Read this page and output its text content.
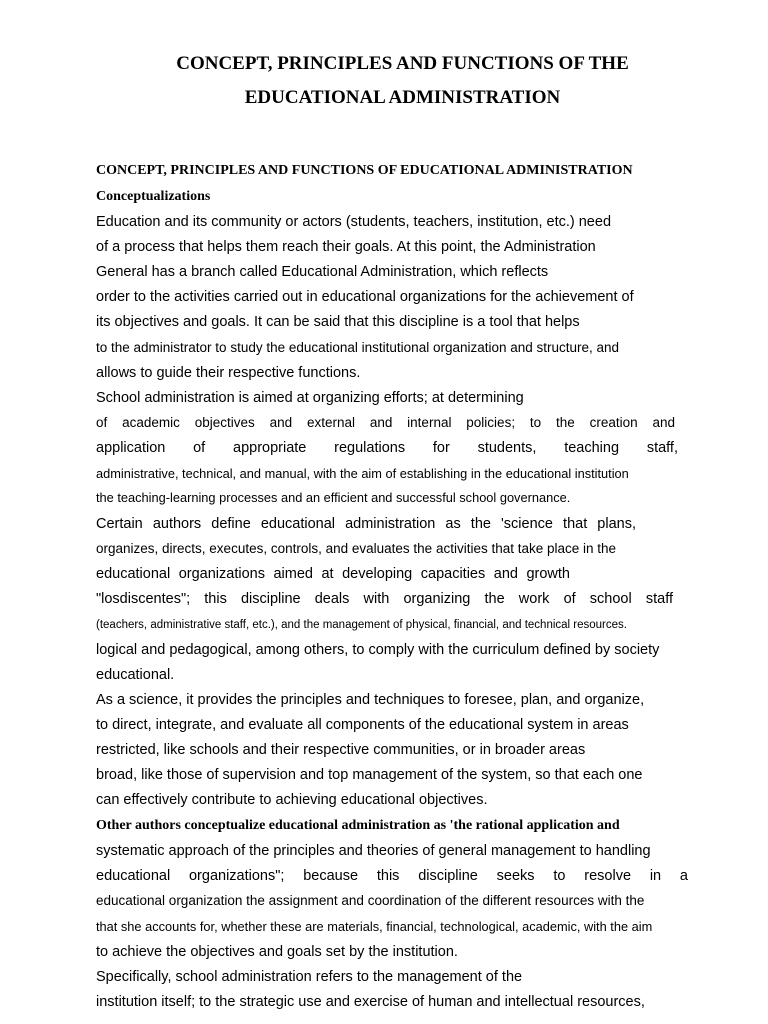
CONCEPT, PRINCIPLES AND FUNCTIONS OF THE
EDUCATIONAL ADMINISTRATION
CONCEPT, PRINCIPLES AND FUNCTIONS OF EDUCATIONAL ADMINISTRATION
Conceptualizations
Education and its community or actors (students, teachers, institution, etc.) need
of a process that helps them reach their goals. At this point, the Administration
General has a branch called Educational Administration, which reflects
order to the activities carried out in educational organizations for the achievement of
its objectives and goals. It can be said that this discipline is a tool that helps
to the administrator to study the educational institutional organization and structure, and
allows to guide their respective functions.
School administration is aimed at organizing efforts; at determining
of academic objectives and external and internal policies; to the creation and
application of appropriate regulations for students, teaching staff,
administrative, technical, and manual, with the aim of establishing in the educational institution
the teaching-learning processes and an efficient and successful school governance.
Certain authors define educational administration as the 'science that plans,
organizes, directs, executes, controls, and evaluates the activities that take place in the
educational organizations aimed at developing capacities and growth
"losdiscentes"; this discipline deals with organizing the work of school staff
(teachers, administrative staff, etc.), and the management of physical, financial, and technical resources.
logical and pedagogical, among others, to comply with the curriculum defined by society
educational.
As a science, it provides the principles and techniques to foresee, plan, and organize,
to direct, integrate, and evaluate all components of the educational system in areas
restricted, like schools and their respective communities, or in broader areas
broad, like those of supervision and top management of the system, so that each one
can effectively contribute to achieving educational objectives.
Other authors conceptualize educational administration as 'the rational application and
systematic approach of the principles and theories of general management to handling
educational organizations"; because this discipline seeks to resolve in a
educational organization the assignment and coordination of the different resources with the
that she accounts for, whether these are materials, financial, technological, academic, with the aim
to achieve the objectives and goals set by the institution.
Specifically, school administration refers to the management of the
institution itself; to the strategic use and exercise of human and intellectual resources,
